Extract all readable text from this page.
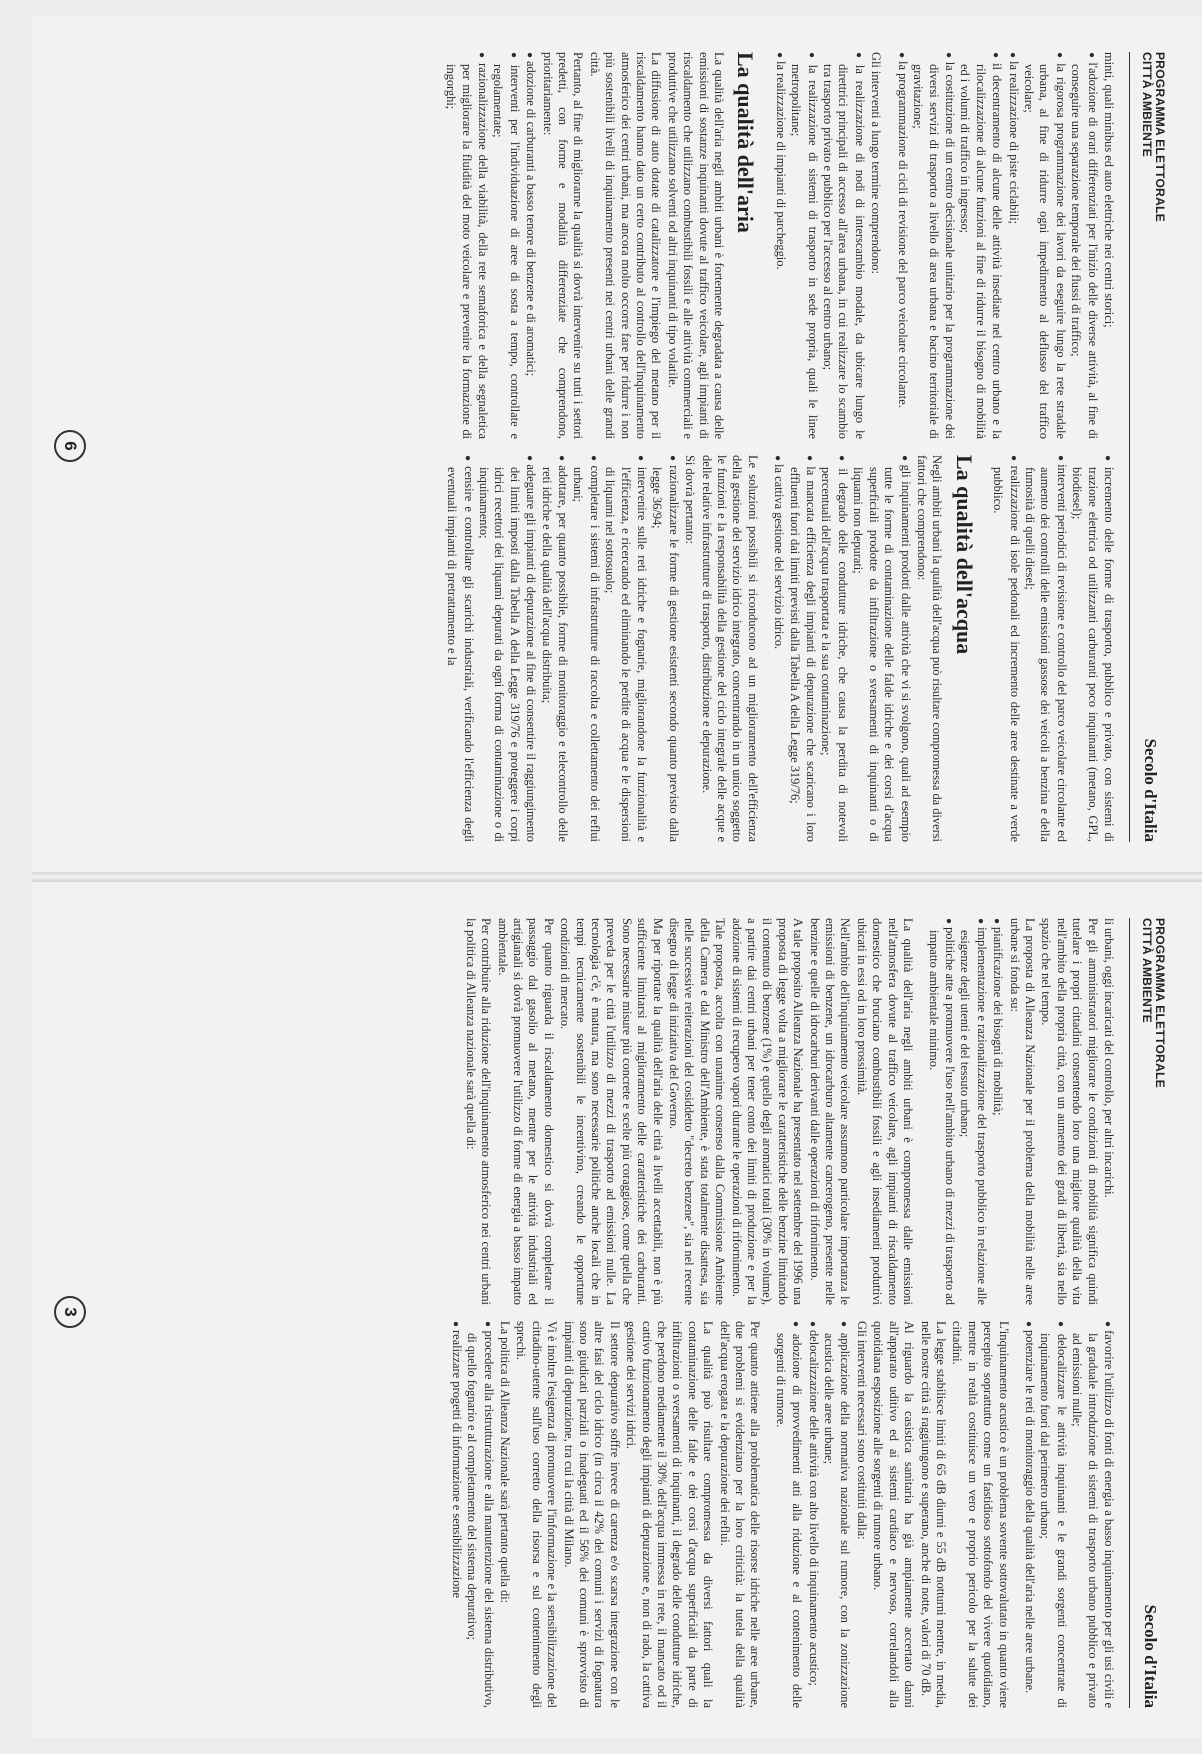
PROGRAMMA ELETTORALE
CITTÀ AMBIENTE
Secolo d'Italia

minti, quali minibus ed auto elettriche nei centri storici;

● l'adozione di orari differenziati per l'inizio delle diverse attività, al fine di conseguire una separazione temporale dei flussi di traffico;

● la rigorosa programmazione dei lavori da eseguire lungo la rete stradale urbana, al fine di ridurre ogni impedimento al deflusso del traffico veicolare;

● la realizzazione di piste ciclabili;

● il decentramento di alcune delle attività insediate nel centro urbano e la rilocalizzazione di alcune funzioni al fine di ridurre il bisogno di mobilità ed i volumi di traffico in ingresso;

● la costituzione di un centro decisionale unitario per la programmazione dei diversi servizi di trasporto a livello di area urbana e bacino territoriale di gravitazione;

● la programmazione di cicli di revisione del parco veicolare circolante.

Gli interventi a lungo termine comprendono:

● la realizzazione di nodi di interscambio modale, da ubicare lungo le direttrici principali di accesso all'area urbana, in cui realizzare lo scambio tra trasporto privato e pubblico per l'accesso al centro urbano;

● la realizzazione di sistemi di trasporto in sede propria, quali le linee metropolitane;

● la realizzazione di impianti di parcheggio.

La qualità dell'aria

La qualità dell'aria negli ambiti urbani è fortemente degradata a causa delle emissioni di sostanze inquinanti dovute al traffico veicolare, agli impianti di riscaldamento che utilizzano combustibili fossili e alle attività commerciali e produttive che utilizzano solventi od altri inquinanti di tipo volatile.

La diffusione di auto dotate di catalizzatore e l'impiego del metano per il riscaldamento hanno dato un certo contributo al controllo dell'inquinamento atmosferico dei centri urbani, ma ancora molto occorre fare per ridurre i non più sostenibili livelli di inquinamento presenti nei centri urbani delle grandi città.

Pertanto, al fine di migliorarne la qualità si dovrà intervenire su tutti i settori predetti, con forme e modalità differenziate che comprendono, prioritariamente:

● adozione di carburanti a basso tenore di benzene e di aromatici;

● interventi per l'individuazione di aree di sosta a tempo, controllate e regolamentate;

● razionalizzazione della viabilità, della rete semaforica e della segnaletica per migliorare la fluidità del moto veicolare e prevenire la formazione di ingorghi;

● incremento delle forme di trasporto, pubblico e privato, con sistemi di trazione elettrica od utilizzanti carburanti poco inquinanti (metano, GPL, biodiesel);

● interventi periodici di revisione e controllo del parco veicolare circolante ed aumento dei controlli delle emissioni gassose dei veicoli a benzina e della fumosità di quelli diesel;

● realizzazione di isole pedonali ed incremento delle aree destinate a verde pubblico.

La qualità dell'acqua

Negli ambiti urbani la qualità dell'acqua può risultare compromessa da diversi fattori che comprendono:

● gli inquinamenti prodotti dalle attività che vi si svolgono, quali ad esempio tutte le forme di contaminazione delle falde idriche e dei corsi d'acqua superficiali prodotte da infiltrazione o sversamenti di inquinanti o di liquami non depurati;

● il degrado delle condutture idriche, che causa la perdita di notevoli percentuali dell'acqua trasportata e la sua contaminazione;

● la mancata efficienza degli impianti di depurazione che scaricano i loro effluenti fuori dai limiti previsti dalla Tabella A della Legge 319/76;

● la cattiva gestione del servizio idrico.

Le soluzioni possibili si riconducono ad un miglioramento dell'efficienza della gestione del servizio idrico integrato, concentrando in un unico soggetto le funzioni e la responsabilità della gestione del ciclo integrale delle acque e delle relative infrastrutture di trasporto, distribuzione e depurazione.

Si dovrà pertanto:

● razionalizzare le forme di gestione esistenti secondo quanto previsto dalla legge 36/94;

● intervenire sulle reti idriche e fognarie, migliorandone la funzionalità e l'efficienza, e ricercando ed eliminando le perdite di acqua e le dispersioni di liquami nel sottosuolo;

● completare i sistemi di infrastrutture di raccolta e collettamento dei reflui urbani;

● adottare, per quanto possibile, forme di monitoraggio e telecontrollo delle reti idriche e della qualità dell'acqua distribuita;

● adeguare gli impianti di depurazione al fine di consentire il raggiungimento dei limiti imposti dalla Tabella A della Legge 319/76 e proteggere i corpi idrici recettori dei liquami depurati da ogni forma di contaminazione o di inquinamento;

● censire e controllare gli scarichi industriali, verificando l'efficienza degli eventuali impianti di pretrattamento e la

6
PROGRAMMA ELETTORALE
CITTÀ AMBIENTE
Secolo d'Italia

li urbani, oggi incaricati del controllo, per altri incarichi.

Per gli amministratori migliorare le condizioni di mobilità significa quindi tutelare i propri cittadini consentendo loro una migliore qualità della vita nell'ambito della propria città, con un aumento dei gradi di libertà, sia nello spazio che nel tempo.

La proposta di Alleanza Nazionale per il problema della mobilità nelle aree urbane si fonda su:

● pianificazione dei bisogni di mobilità;

● implementazione e razionalizzazione del trasporto pubblico in relazione alle esigenze degli utenti e del tessuto urbano;

● politiche atte a promuovere l'uso nell'ambito urbano di mezzi di trasporto ad impatto ambientale minimo.

La qualità dell'aria negli ambiti urbani è compromessa dalle emissioni nell'atmosfera dovute al traffico veicolare, agli impianti di riscaldamento domestico che bruciano combustibili fossili e agli insediamenti produttivi ubicati in essi od in loro prossimità.

Nell'ambito dell'inquinamento veicolare assumono particolare importanza le emissioni di benzene, un idrocarburo altamente cancerogeno, presente nelle benzine e quelle di idrocarburi derivanti dalle operazioni di rifornimento.

A tale proposito Alleanza Nazionale ha presentato nel settembre del 1996 una proposta di legge volta a migliorare le caratteristiche delle benzine limitando il contenuto di benzene (1%) e quello degli aromatici totali (30% in volume), a partire dai centri urbani per tener conto dei limiti di produzione e per la adozione di sistemi di recupero vapori durante le operazioni di rifornimento.

Tale proposta, accolta con unanime consenso dalla Commissione Ambiente della Camera e dal Ministro dell'Ambiente, è stata totalmente disattesa, sia nelle successive reiterazioni del cosiddetto "decreto benzene", sia nel recente disegno di legge di iniziativa del Governo.

Ma per riportare la qualità dell'aria delle città a livelli accettabili, non è più sufficiente limitarsi al miglioramento delle caratteristiche dei carburanti. Sono necessarie misure più concrete e scelte più coraggiose, come quella che preveda per le città l'utilizzo di mezzi di trasporto ad emissioni nulle. La tecnologia c'è, è matura, ma sono necessarie politiche anche locali che in tempi tecnicamente sostenibili le incentivino, creando le opportune condizioni di mercato.

Per quanto riguarda il riscaldamento domestico si dovrà completare il passaggio dal gasolio al metano, mentre per le attività industriali ed artigianali si dovrà promuovere l'utilizzo di forme di energia a basso impatto ambientale.

Per contribuire alla riduzione dell'inquinamento atmosferico nei centri urbani la politica di Alleanza nazionale sarà quella di:

● favorire l'utilizzo di fonti di energia a basso inquinamento per gli usi civili e la graduale introduzione di sistemi di trasporto urbano pubblico e privato ad emissioni nulle;

● delocalizzare le attività inquinanti e le grandi sorgenti concentrate di inquinamento fuori dal perimetro urbano;

● potenziare le reti di monitoraggio della qualità dell'aria nelle aree urbane.

L'inquinamento acustico è un problema sovente sottovalutato in quanto viene percepito soprattutto come un fastidioso sottofondo del vivere quotidiano, mentre in realtà costituisce un vero e proprio pericolo per la salute dei cittadini.

La legge stabilisce limiti di 65 dB diurni e 55 dB notturni mentre, in media, nelle nostre città si raggiungono e superano, anche di notte, valori di 70 dB.

Al riguardo la casistica sanitaria ha già ampiamente accertato danni all'apparato uditivo ed ai sistemi cardiaco e nervoso, correlandoli alla quotidiana esposizione alle sorgenti di rumore urbano.

Gli interventi necessari sono costituiti dalla:

● applicazione della normativa nazionale sul rumore, con la zonizzazione acustica delle aree urbane;

● delocalizzazione delle attività con alto livello di inquinamento acustico;

● adozione di provvedimenti atti alla riduzione e al contenimento delle sorgenti di rumore.

Per quanto attiene alla problematica delle risorse idriche nelle aree urbane, due problemi si evidenziano per la loro criticità: la tutela della qualità dell'acqua erogata e la depurazione dei reflui.

La qualità può risultare compromessa da diversi fattori quali la contaminazione delle falde e dei corsi d'acqua superficiali da parte di infiltrazioni o sversamenti di inquinanti, il degrado delle condutture idriche, che perdono mediamente il 30% dell'acqua immessa in rete, il mancato od il cattivo funzionamento degli impianti di depurazione e, non di rado, la cattiva gestione dei servizi idrici.

Il settore depurativo soffre invece di carenza e/o scarsa integrazione con le altre fasi del ciclo idrico (in circa il 42% dei comuni i servizi di fognatura sono giudicati parziali o inadeguati ed il 56% dei comuni è sprovvisto di impianti di depurazione, tra cui la città di Milano.

Vi è inoltre l'esigenza di promuovere l'informazione e la sensibilizzazione del cittadino-utente sull'uso corretto della risorsa e sul contenimento degli sprechi.

La politica di Alleanza Nazionale sarà pertanto quella di:

● procedere alla ristrutturazione e alla manutenzione del sistema distributivo, di quello fognario e al completamento del sistema depurativo;

● realizzare progetti di informazione e sensibilizzazione

3
